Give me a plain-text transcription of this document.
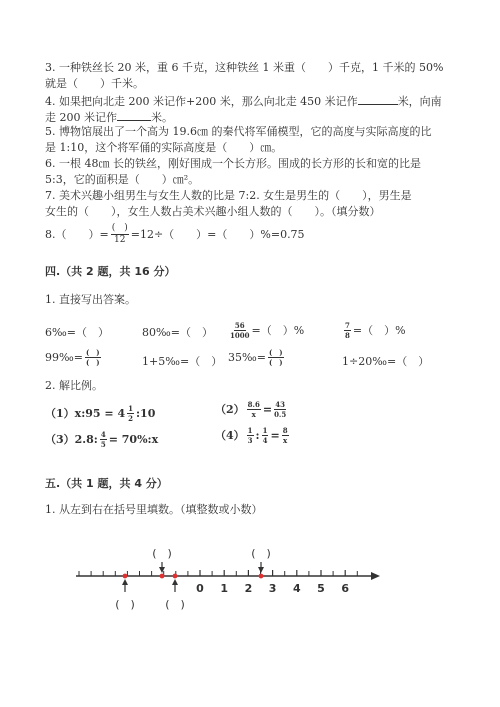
3. 一种铁丝长 20 米，重 6 千克，这种铁丝 1 米重（　　）千克，1 千米的 50%
就是（　　）千米。
4. 如果把向北走 200 米记作+200 米，那么向北走 450 米记作	米，向南
走 200 米记作	米。
5. 博物馆展出了一个高为 19.6㎝ 的秦代将军俑模型，它的高度与实际高度的比
是 1:10，这个将军俑的实际高度是（　　）㎝。
6. 一根 48㎝ 长的铁丝，刚好围成一个长方形。围成的长方形的长和宽的比是
5:3，它的面积是（　　）㎝²。
7. 美术兴趣小组男生与女生人数的比是 7:2. 女生是男生的（　　），男生是
女生的（　　），女生人数占美术兴趣小组人数的（　　）。（填分数）
8.（　　）= $\frac{( )}{12} =12\div$（　　）=（　　）%=0.75
四.（共 2 题，共 16 分）
1. 直接写出答案。
6‰=（　）	80‰=（　） $\frac{56}{1000}$ =（　）%	$\frac{7}{8}$ =（　）%
99‰= $\frac{( )}{( )}$	1+5‰=（　） 35‰= $\frac{( )}{( )}$	1÷20‰=（　）
2. 解比例。
（1） x:95 = $4 \frac{1}{2}$ :10	$(2) \frac{8.6}{x} = \frac{43}{0.5}$
（3） 2.8: $\frac{4}{5}$ = 70%:x	$(4) \frac{1}{3}$ : $\frac{1}{4} = \frac{8}{x}$
五.（共 1 题，共 4 分）
1. 从左到右在括号里填数。（填整数或小数）
0 1 2 3 4 5 6
(　)	(　)
(　)	(　)
